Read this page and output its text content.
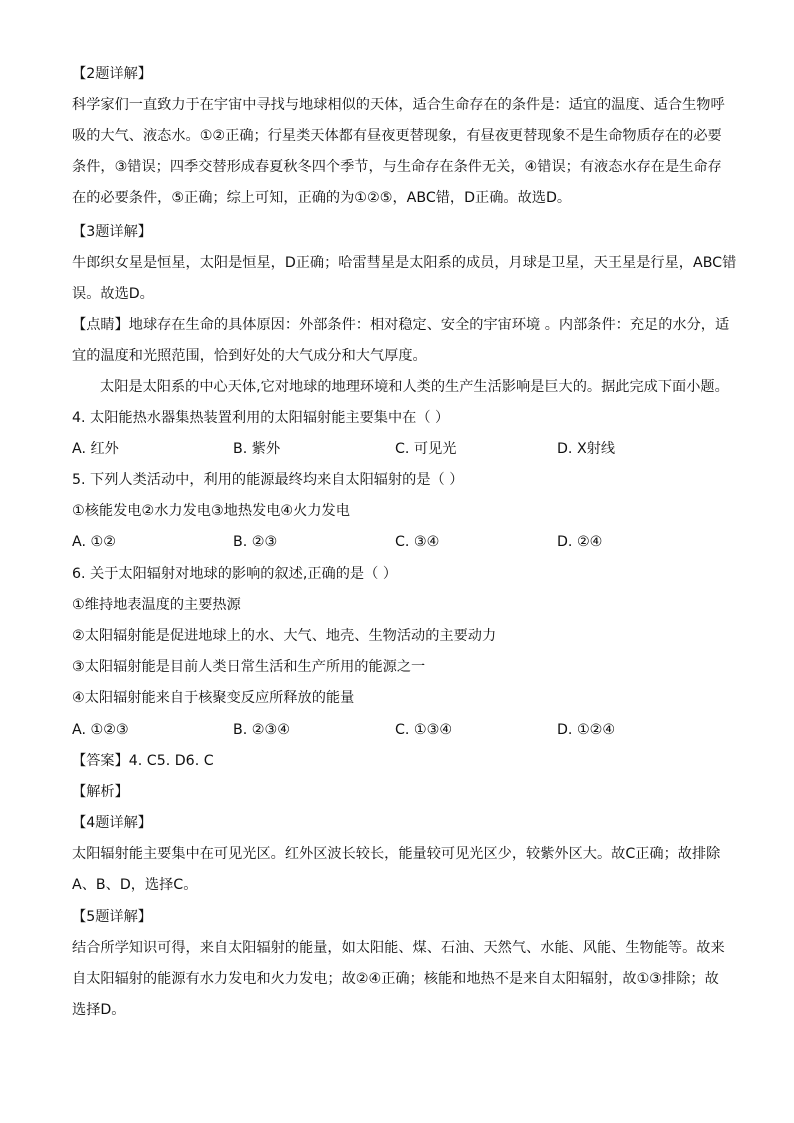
【2题详解】
科学家们一直致力于在宇宙中寻找与地球相似的天体，适合生命存在的条件是：适宜的温度、适合生物呼
吸的大气、液态水。①②正确；行星类天体都有昼夜更替现象，有昼夜更替现象不是生命物质存在的必要
条件，③错误；四季交替形成春夏秋冬四个季节，与生命存在条件无关，④错误；有液态水存在是生命存
在的必要条件，⑤正确；综上可知，正确的为①②⑤，ABC错，D正确。故选D。
【3题详解】
牛郎织女星是恒星，太阳是恒星，D正确；哈雷彗星是太阳系的成员，月球是卫星，天王星是行星，ABC错
误。故选D。
【点睛】地球存在生命的具体原因：外部条件：相对稳定、安全的宇宙环境 。内部条件：充足的水分，适
宜的温度和光照范围，恰到好处的大气成分和大气厚度。
太阳是太阳系的中心天体,它对地球的地理环境和人类的生产生活影响是巨大的。据此完成下面小题。
4. 太阳能热水器集热装置利用的太阳辐射能主要集中在（ ）
A. 红外	B. 紫外	C. 可见光	D. X射线
5. 下列人类活动中，利用的能源最终均来自太阳辐射的是（ ）
①核能发电②水力发电③地热发电④火力发电
A. ①②	B. ②③	C. ③④	D. ②④
6. 关于太阳辐射对地球的影响的叙述,正确的是（ ）
①维持地表温度的主要热源
②太阳辐射能是促进地球上的水、大气、地壳、生物活动的主要动力
③太阳辐射能是目前人类日常生活和生产所用的能源之一
④太阳辐射能来自于核聚变反应所释放的能量
A. ①②③	B. ②③④	C. ①③④	D. ①②④
【答案】4. C5. D6. C
【解析】
【4题详解】
太阳辐射能主要集中在可见光区。红外区波长较长，能量较可见光区少，较紫外区大。故C正确；故排除
A、B、D，选择C。
【5题详解】
结合所学知识可得，来自太阳辐射的能量，如太阳能、煤、石油、天然气、水能、风能、生物能等。故来
自太阳辐射的能源有水力发电和火力发电；故②④正确；核能和地热不是来自太阳辐射，故①③排除；故
选择D。
